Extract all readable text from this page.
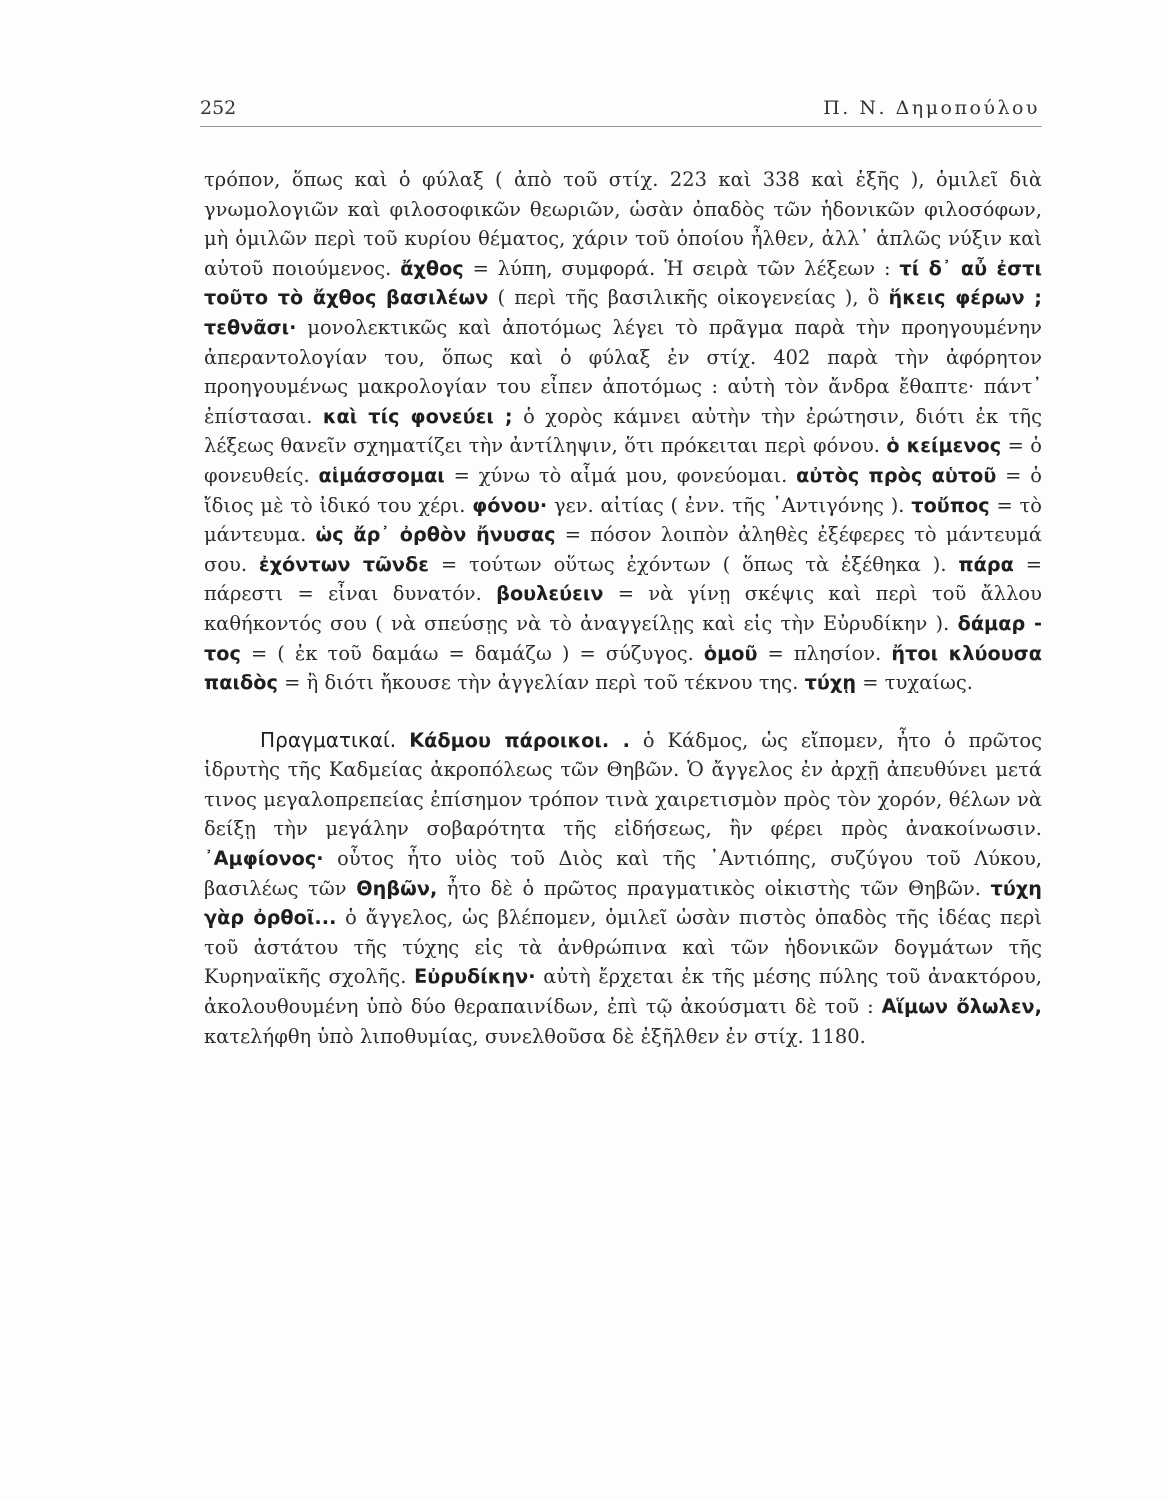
252	Π. Ν. Δημοπούλου

τρόπον, ὅπως καὶ ὁ φύλαξ ( ἀπὸ τοῦ στίχ. 223 καὶ 338 καὶ ἑξῆς ), ὁμιλεῖ διὰ γνωμολογιῶν καὶ φιλοσοφικῶν θεωριῶν, ὡσὰν ὀπαδὸς τῶν ἡδονικῶν φιλοσόφων, μὴ ὁμιλῶν περὶ τοῦ κυρίου θέματος, χάριν τοῦ ὁποίου ἦλθεν, ἀλλ᾽ ἁπλῶς νύξιν καὶ αὐτοῦ ποιούμενος. ἄχθος = λύπη, συμφορά. Ἡ σειρὰ τῶν λέξεων : τί δ᾽ αὖ ἐστι τοῦτο τὸ ἄχθος βασιλέων ( περὶ τῆς βασιλικῆς οἰκογενείας ), ὃ ἥκεις φέρων ; τεθνᾶσι· μονολεκτικῶς καὶ ἀποτόμως λέγει τὸ πρᾶγμα παρὰ τὴν προηγουμένην ἀπεραντολογίαν του, ὅπως καὶ ὁ φύλαξ ἐν στίχ. 402 παρὰ τὴν ἀφόρητον προηγουμένως μακρολογίαν του εἶπεν ἀποτόμως : αὐτὴ τὸν ἄνδρα ἔθαπτε· πάντ᾽ ἐπίστασαι. καὶ τίς φονεύει ; ὁ χορὸς κάμνει αὐτὴν τὴν ἐρώτησιν, διότι ἐκ τῆς λέξεως θανεῖν σχηματίζει τὴν ἀντίληψιν, ὅτι πρόκειται περὶ φόνου. ὁ κείμενος = ὁ φονευθείς. αἱμάσσομαι = χύνω τὸ αἷμά μου, φονεύομαι. αὐτὸς πρὸς αὑτοῦ = ὁ ἴδιος μὲ τὸ ἰδικό του χέρι. φόνου· γεν. αἰτίας ( ἐνν. τῆς ᾽Αντιγόνης ). τοὔπος = τὸ μάντευμα. ὡς ἄρ᾽ ὀρθὸν ἤνυσας = πόσον λοιπὸν ἀληθὲς ἐξέφερες τὸ μάντευμά σου. ἐχόντων τῶνδε = τούτων οὕτως ἐχόντων ( ὅπως τὰ ἐξέθηκα ). πάρα = πάρεστι = εἶναι δυνατόν. βουλεύειν = νὰ γίνῃ σκέψις καὶ περὶ τοῦ ἄλλου καθήκοντός σου ( νὰ σπεύσῃς νὰ τὸ ἀναγγείλῃς καὶ εἰς τὴν Εὐρυδίκην ). δάμαρ - τος = ( ἐκ τοῦ δαμάω = δαμάζω ) = σύζυγος. ὁμοῦ = πλησίον. ἤτοι κλύουσα παιδὸς = ἢ διότι ἤκουσε τὴν ἀγγελίαν περὶ τοῦ τέκνου της. τύχῃ = τυχαίως.

Πραγματικαί. Κάδμου πάροικοι. . ὁ Κάδμος, ὡς εἴπομεν, ἦτο ὁ πρῶτος ἱδρυτὴς τῆς Καδμείας ἀκροπόλεως τῶν Θηβῶν. Ὁ ἄγγελος ἐν ἀρχῇ ἀπευθύνει μετά τινος μεγαλοπρεπείας ἐπίσημον τρόπον τινὰ χαιρετισμὸν πρὸς τὸν χορόν, θέλων νὰ δείξῃ τὴν μεγάλην σοβαρότητα τῆς εἰδήσεως, ἣν φέρει πρὸς ἀνακοίνωσιν. ᾽Αμφίονος· οὗτος ἦτο υἱὸς τοῦ Διὸς καὶ τῆς ᾽Αντιόπης, συζύγου τοῦ Λύκου, βασιλέως τῶν Θηβῶν, ἦτο δὲ ὁ πρῶτος πραγματικὸς οἰκιστὴς τῶν Θηβῶν. τύχη γὰρ ὀρθοῖ... ὁ ἄγγελος, ὡς βλέπομεν, ὁμιλεῖ ὡσὰν πιστὸς ὀπαδὸς τῆς ἰδέας περὶ τοῦ ἀστάτου τῆς τύχης εἰς τὰ ἀνθρώπινα καὶ τῶν ἡδονικῶν δογμάτων τῆς Κυρηναϊκῆς σχολῆς. Εὐρυδίκην· αὐτὴ ἔρχεται ἐκ τῆς μέσης πύλης τοῦ ἀνακτόρου, ἀκολουθουμένη ὑπὸ δύο θεραπαινίδων, ἐπὶ τῷ ἀκούσματι δὲ τοῦ : Αἵμων ὄλωλεν, κατελήφθη ὑπὸ λιποθυμίας, συνελθοῦσα δὲ ἐξῆλθεν ἐν στίχ. 1180.
